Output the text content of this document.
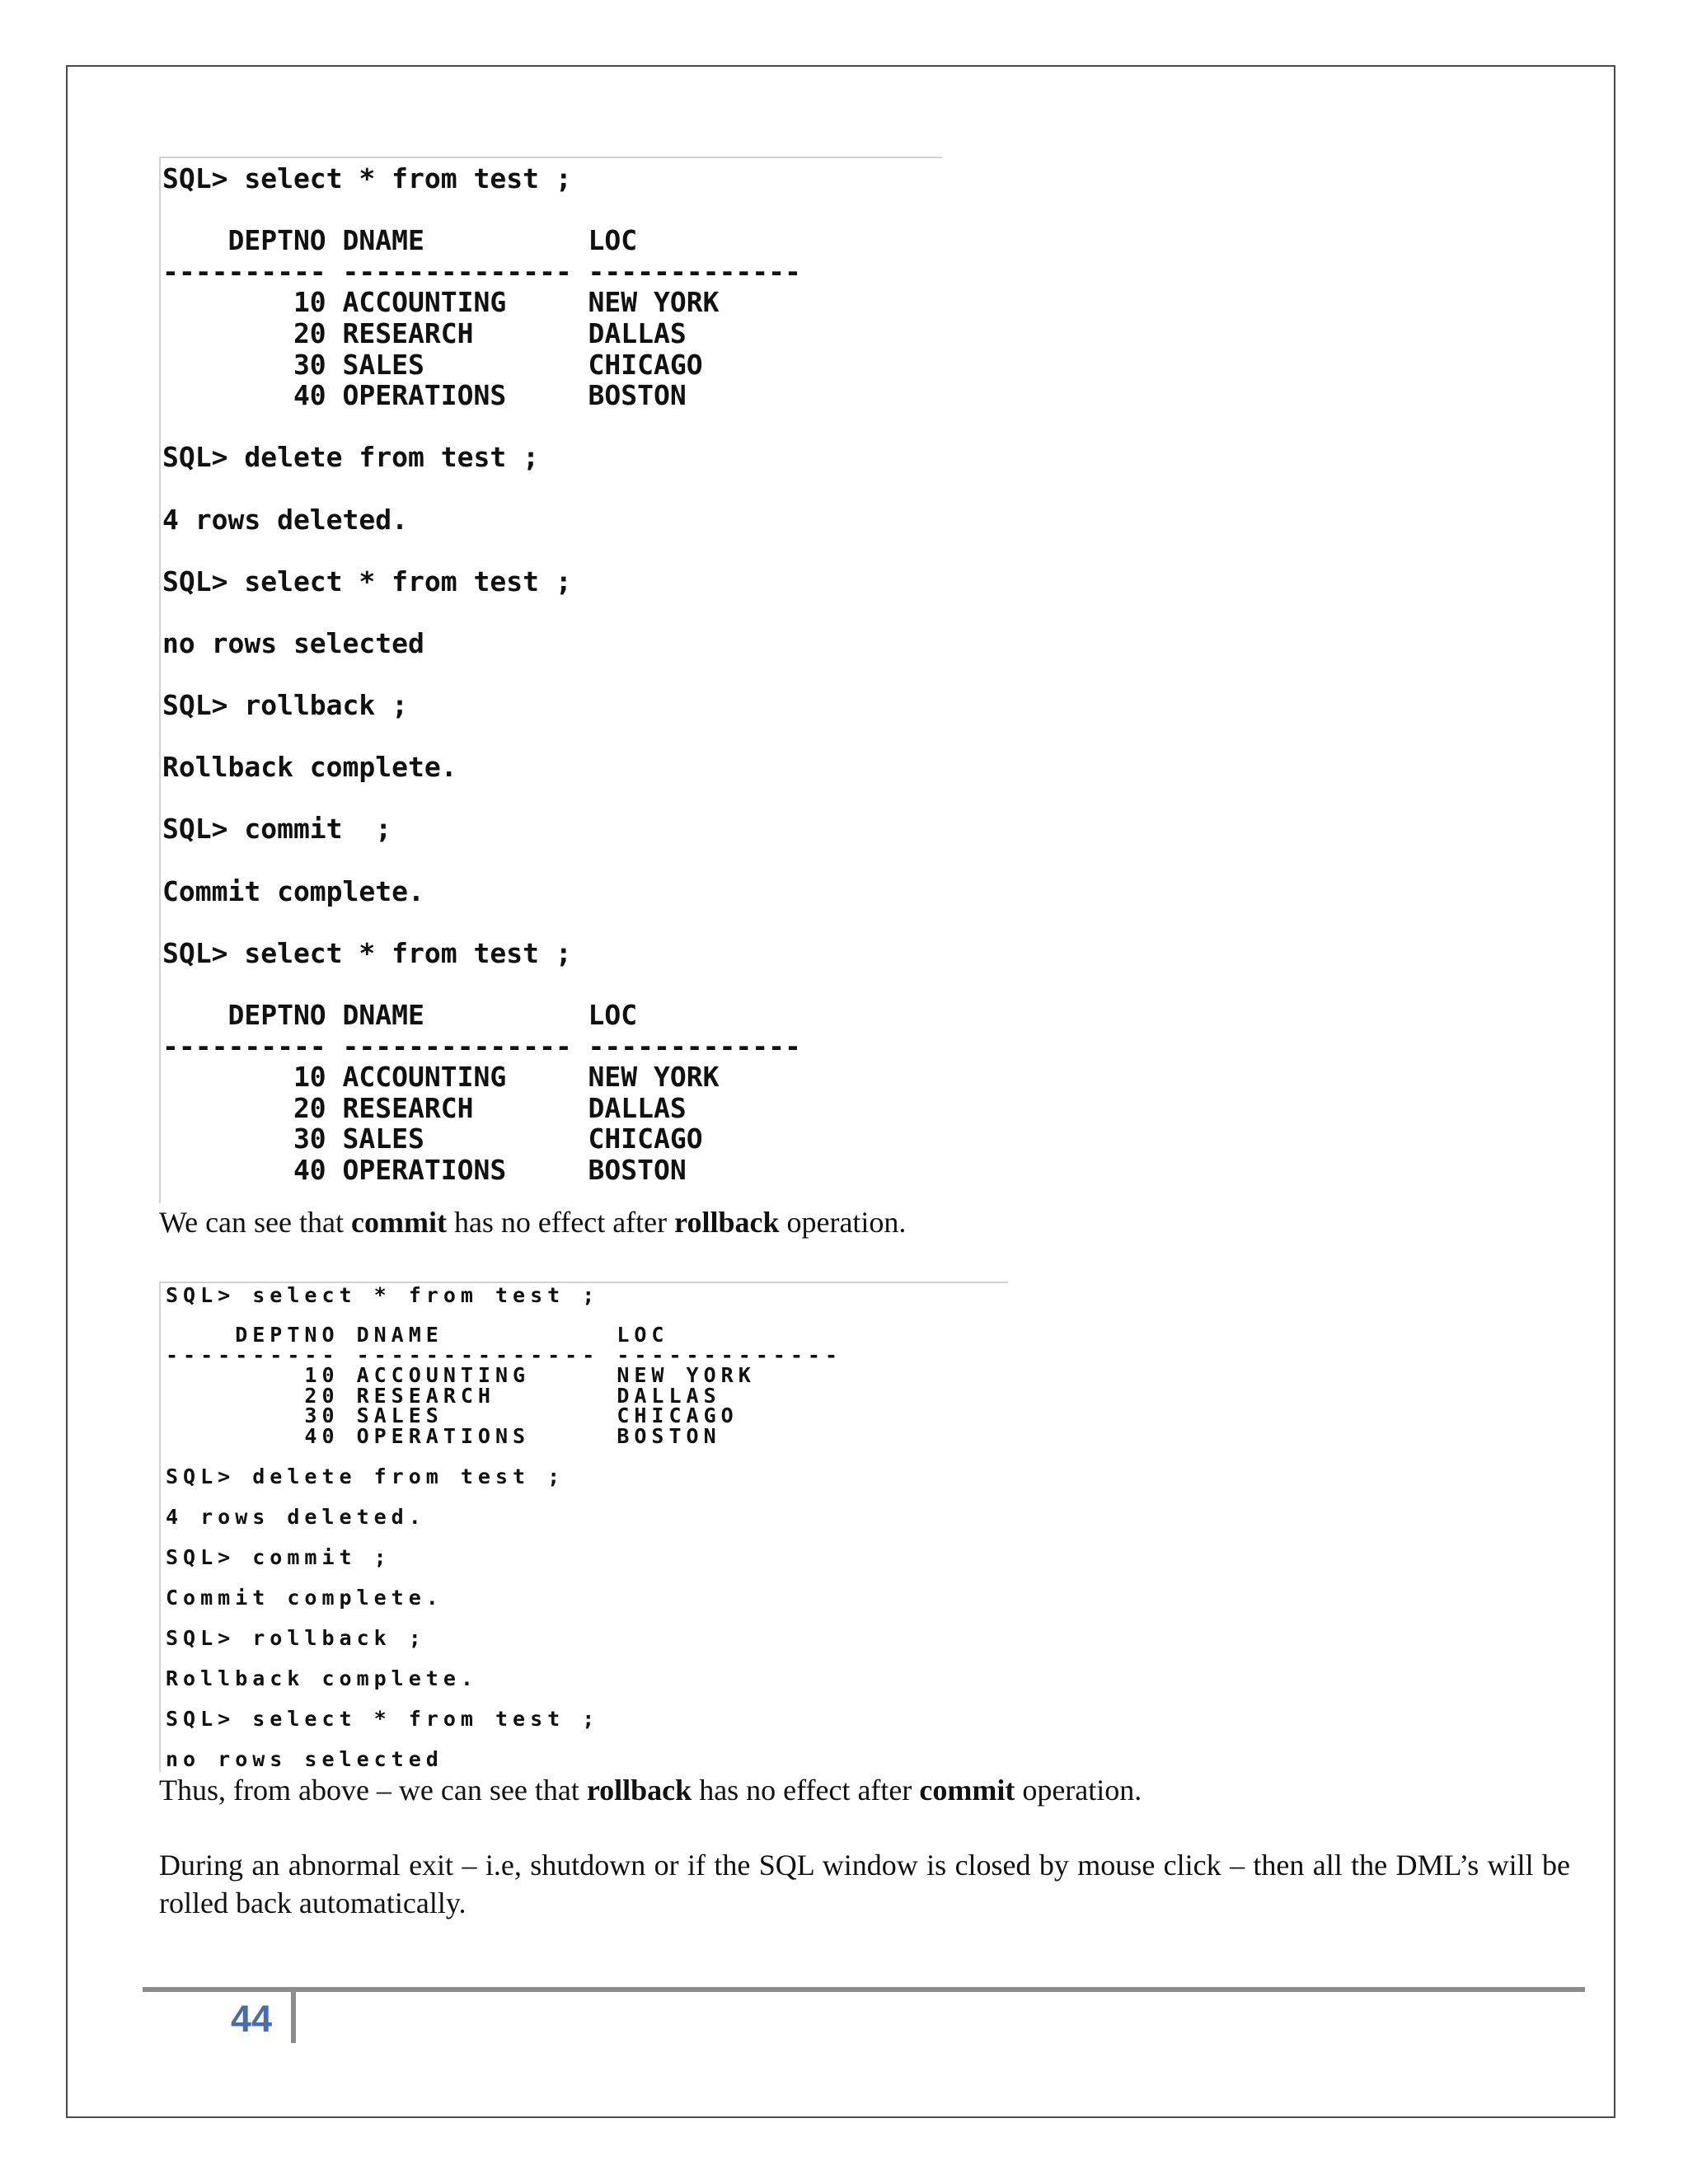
SQL> select * from test ;

DEPTNO DNAME          LOC
---------- -------------- -------------
10 ACCOUNTING     NEW YORK
20 RESEARCH       DALLAS
30 SALES          CHICAGO
40 OPERATIONS     BOSTON

SQL> delete from test ;

4 rows deleted.

SQL> select * from test ;

no rows selected

SQL> rollback ;

Rollback complete.

SQL> commit  ;

Commit complete.

SQL> select * from test ;

DEPTNO DNAME          LOC
---------- -------------- -------------
10 ACCOUNTING     NEW YORK
20 RESEARCH       DALLAS
30 SALES          CHICAGO
40 OPERATIONS     BOSTON
We can see that commit has no effect after rollback operation.
SQL> select * from test ;
DEPTNO DNAME          LOC
---------- -------------- -------------
10 ACCOUNTING     NEW YORK
20 RESEARCH       DALLAS
30 SALES          CHICAGO
40 OPERATIONS     BOSTON
SQL> delete from test ;
4 rows deleted.
SQL> commit ;
Commit complete.
SQL> rollback ;
Rollback complete.
SQL> select * from test ;
no rows selected
Thus, from above – we can see that rollback has no effect after commit operation.
During an abnormal exit – i.e, shutdown or if the SQL window is closed by mouse click – then all the DML’s will be rolled back automatically.
44
